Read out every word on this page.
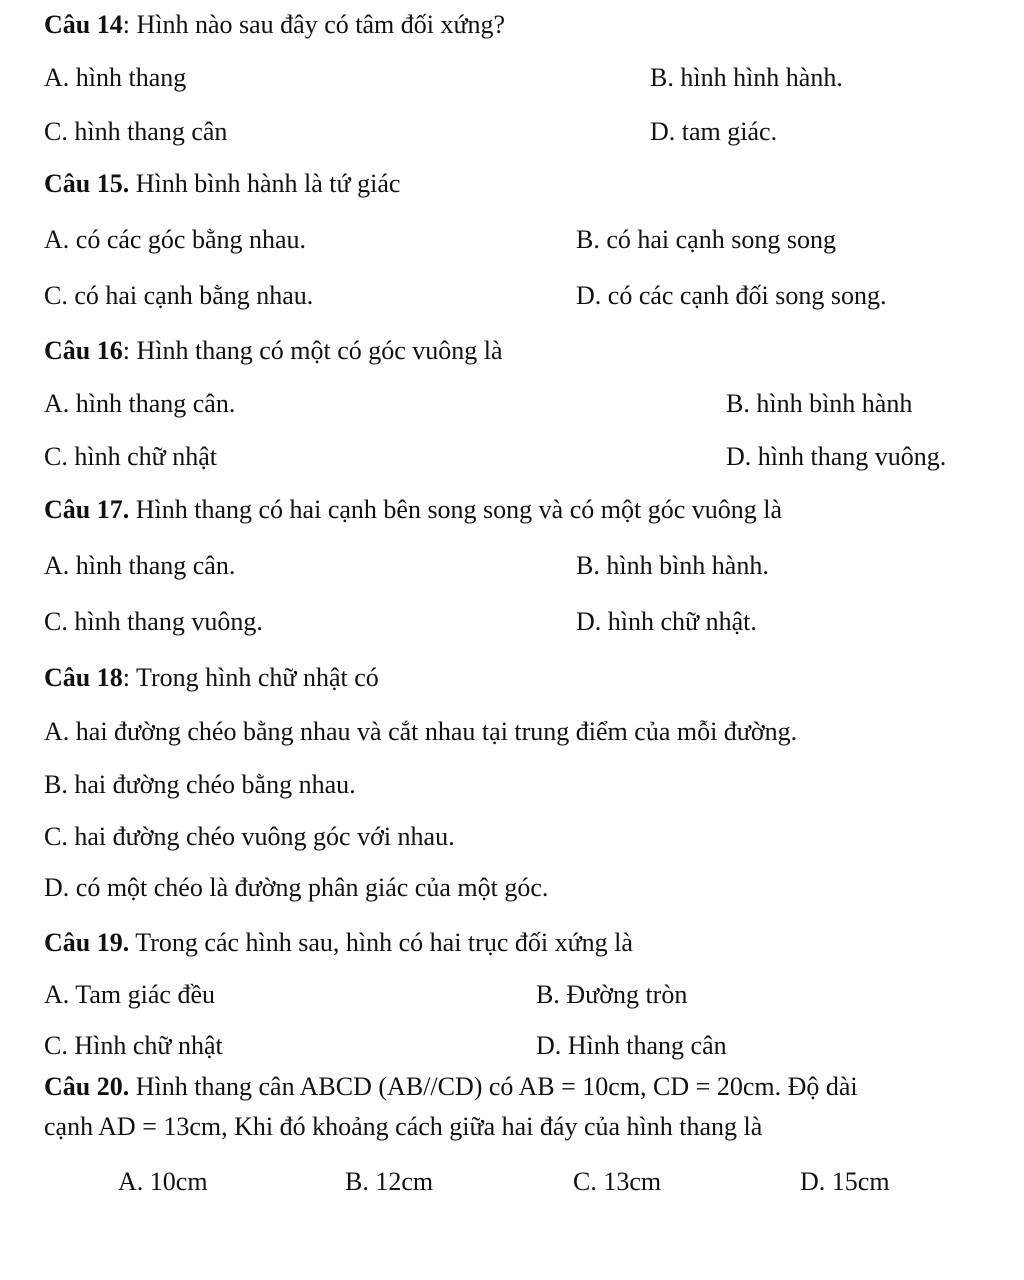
Câu 14: Hình nào sau đây có tâm đối xứng?
A. hình thang	B. hình hình hành.
C. hình thang cân	D. tam giác.
Câu 15. Hình bình hành là tứ giác
A. có các góc bằng nhau.	B. có hai cạnh song song
C. có hai cạnh bằng nhau.	D. có các cạnh đối song song.
Câu 16: Hình thang có một có góc vuông là
A. hình thang cân.	B. hình bình hành
C. hình chữ nhật	D. hình thang vuông.
Câu 17. Hình thang có hai cạnh bên song song và có một góc vuông là
A. hình thang cân.	B. hình bình hành.
C. hình thang vuông.	D. hình chữ nhật.
Câu 18: Trong hình chữ nhật có
A. hai đường chéo bằng nhau và cắt nhau tại trung điểm của mỗi đường.
B. hai đường chéo bằng nhau.
C. hai đường chéo vuông góc với nhau.
D. có một chéo là đường phân giác của một góc.
Câu 19. Trong các hình sau, hình có hai trục đối xứng là
A. Tam giác đều	B. Đường tròn
C. Hình chữ nhật	D. Hình thang cân
Câu 20. Hình thang cân ABCD (AB//CD) có AB = 10cm, CD = 20cm. Độ dài
cạnh AD = 13cm, Khi đó khoảng cách giữa hai đáy của hình thang là
A. 10cm	B. 12cm	C. 13cm	D. 15cm
